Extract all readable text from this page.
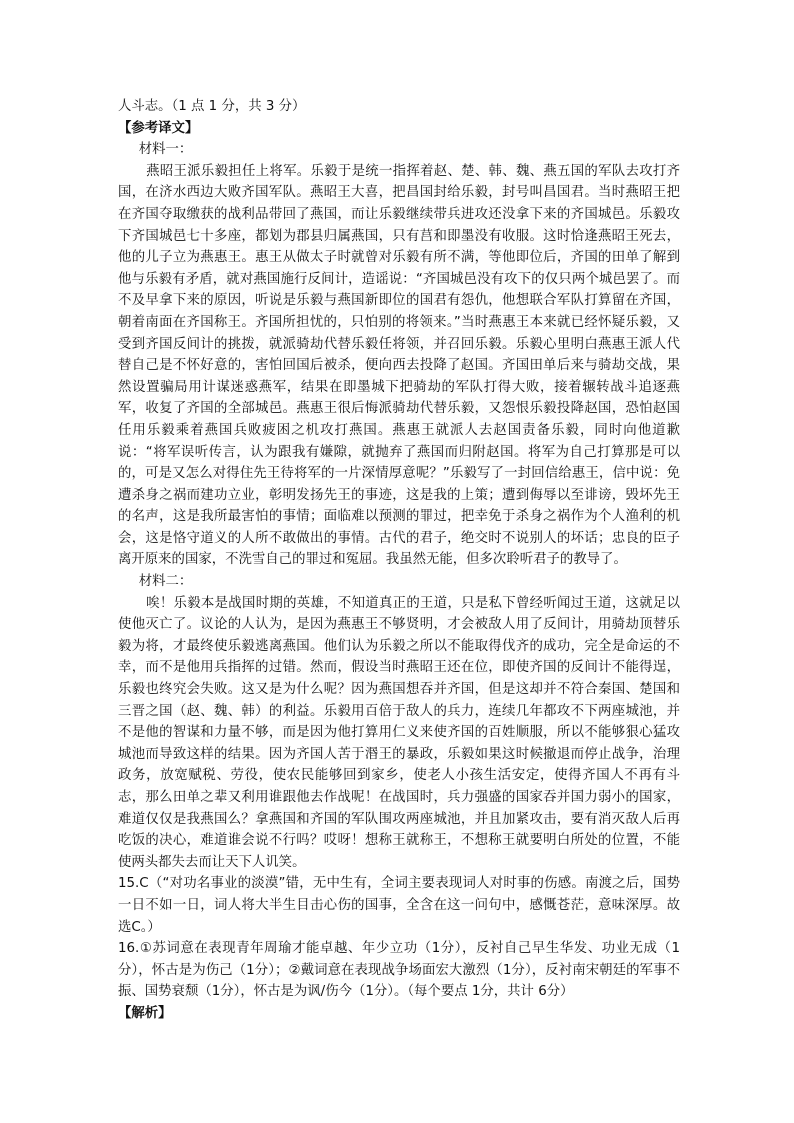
人斗志。（1 点 1 分，共 3 分）
【参考译文】
材料一：

燕昭王派乐毅担任上将军。乐毅于是统一指挥着赵、楚、韩、魏、燕五国的军队去攻打齐国，在济水西边大败齐国军队。燕昭王大喜，把昌国封给乐毅，封号叫昌国君。当时燕昭王把在齐国夺取缴获的战利品带回了燕国，而让乐毅继续带兵进攻还没拿下来的齐国城邑。乐毅攻下齐国城邑七十多座，都划为郡县归属燕国，只有莒和即墨没有收服。这时恰逢燕昭王死去，他的儿子立为燕惠王。惠王从做太子时就曾对乐毅有所不满，等他即位后，齐国的田单了解到他与乐毅有矛盾，就对燕国施行反间计，造谣说：“齐国城邑没有攻下的仅只两个城邑罢了。而不及早拿下来的原因，听说是乐毅与燕国新即位的国君有怨仇，他想联合军队打算留在齐国，朝着南面在齐国称王。齐国所担忧的，只怕别的将领来。”当时燕惠王本来就已经怀疑乐毅，又受到齐国反间计的挑拨，就派骑劫代替乐毅任将领，并召回乐毅。乐毅心里明白燕惠王派人代替自己是不怀好意的，害怕回国后被杀，便向西去投降了赵国。齐国田单后来与骑劫交战，果然设置骗局用计谋迷惑燕军，结果在即墨城下把骑劫的军队打得大败，接着辗转战斗追逐燕军，收复了齐国的全部城邑。燕惠王很后悔派骑劫代替乐毅，又怨恨乐毅投降赵国，恐怕赵国任用乐毅乘着燕国兵败疲困之机攻打燕国。燕惠王就派人去赵国责备乐毅，同时向他道歉说：“将军误听传言，认为跟我有嫌隙，就抛弃了燕国而归附赵国。将军为自己打算那是可以的，可是又怎么对得住先王待将军的一片深情厚意呢？”乐毅写了一封回信给惠王，信中说：免遭杀身之祸而建功立业，彰明发扬先王的事迹，这是我的上策；遭到侮辱以至诽谤，毁坏先王的名声，这是我所最害怕的事情；面临难以预测的罪过，把幸免于杀身之祸作为个人渔利的机会，这是恪守道义的人所不敢做出的事情。古代的君子，绝交时不说别人的坏话；忠良的臣子离开原来的国家，不洗雪自己的罪过和冤屈。我虽然无能，但多次聆听君子的教导了。

材料二：

唉！乐毅本是战国时期的英雄，不知道真正的王道，只是私下曾经听闻过王道，这就足以使他灭亡了。议论的人认为，是因为燕惠王不够贤明，才会被敌人用了反间计，用骑劫顶替乐毅为将，才最终使乐毅逃离燕国。他们认为乐毅之所以不能取得伐齐的成功，完全是命运的不幸，而不是他用兵指挥的过错。然而，假设当时燕昭王还在位，即使齐国的反间计不能得逞，乐毅也终究会失败。这又是为什么呢？因为燕国想吞并齐国，但是这却并不符合秦国、楚国和三晋之国（赵、魏、韩）的利益。乐毅用百倍于敌人的兵力，连续几年都攻不下两座城池，并不是他的智谋和力量不够，而是因为他打算用仁义来使齐国的百姓顺服，所以不能够狠心猛攻城池而导致这样的结果。因为齐国人苦于湣王的暴政，乐毅如果这时候撤退而停止战争，治理政务，放宽赋税、劳役，使农民能够回到家乡，使老人小孩生活安定，使得齐国人不再有斗志，那么田单之辈又利用谁跟他去作战呢！在战国时，兵力强盛的国家吞并国力弱小的国家，难道仅仅是我燕国么？拿燕国和齐国的军队围攻两座城池，并且加紧攻击，要有消灭敌人后再吃饭的决心，难道谁会说不行吗？哎呀！想称王就称王，不想称王就要明白所处的位置，不能使两头都失去而让天下人讥笑。

15.C（“对功名事业的淡漠”错，无中生有，全词主要表现词人对时事的伤感。南渡之后，国势一日不如一日，词人将大半生目击心伤的国事，全含在这一问句中，感慨苍茫，意味深厚。故选C。）

16.①苏词意在表现青年周瑜才能卓越、年少立功（1分），反衬自己早生华发、功业无成（1分），怀古是为伤己（1分）；②戴词意在表现战争场面宏大激烈（1分），反衬南宋朝廷的军事不振、国势衰颓（1分），怀古是为讽/伤今（1分）。（每个要点 1分，共计 6分）

【解析】
